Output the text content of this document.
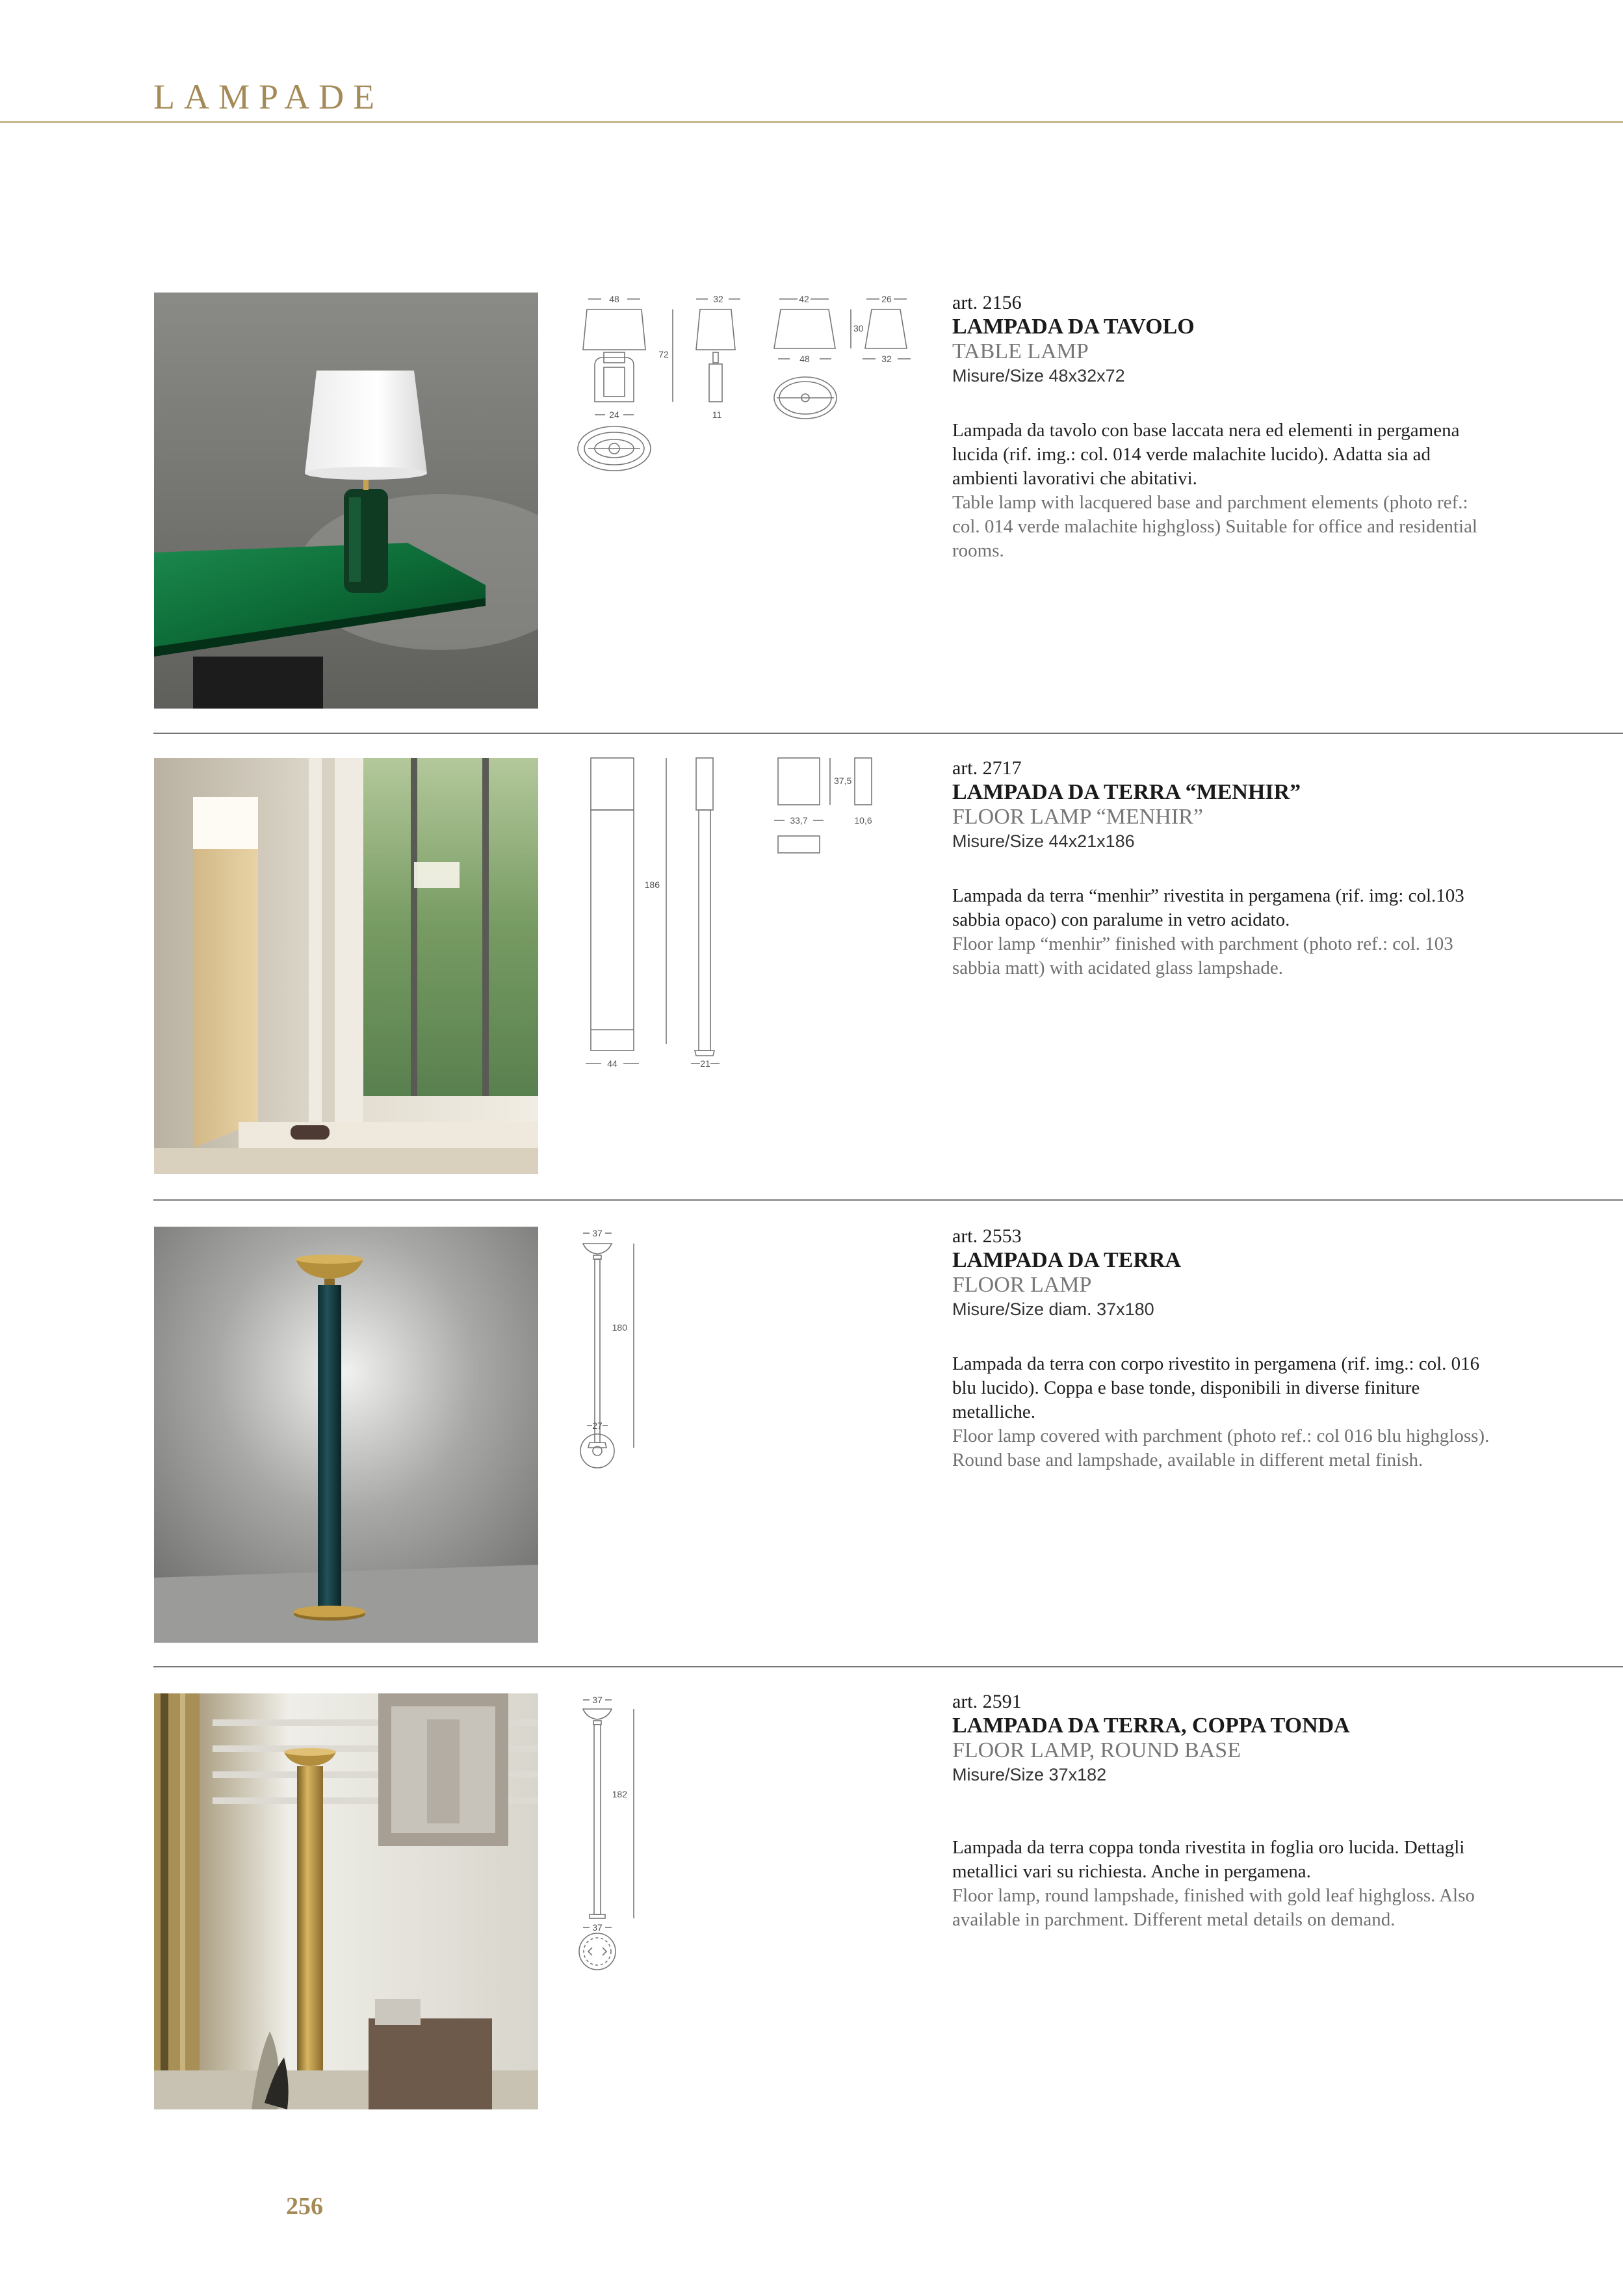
LAMPADE
48	32	42	26
30
72	48	32
24	11
art. 2156
LAMPADA DA TAVOLO
TABLE LAMP
Misure/Size 48x32x72
Lampada da tavolo con base laccata nera ed elementi in pergamena lucida (rif. img.: col. 014 verde malachite lucido). Adatta sia ad ambienti lavorativi che abitativi.
Table lamp with lacquered base and parchment elements (photo ref.: col. 014 verde malachite highgloss) Suitable for office and residential rooms.
37,5
33,7	10,6
186
44	21
art. 2717
LAMPADA DA TERRA “MENHIR”
FLOOR LAMP “MENHIR”
Misure/Size 44x21x186
Lampada da terra “menhir” rivestita in pergamena (rif. img: col.103 sabbia opaco) con paralume in vetro acidato.
Floor lamp “menhir” finished with parchment (photo ref.: col. 103 sabbia matt) with acidated glass lampshade.
37
180
27
art. 2553
LAMPADA DA TERRA
FLOOR LAMP
Misure/Size diam. 37x180
Lampada da terra con corpo rivestito in pergamena (rif. img.: col. 016 blu lucido). Coppa e base tonde, disponibili in diverse finiture metalliche.
Floor lamp covered with parchment (photo ref.: col 016 blu highgloss). Round base and lampshade, available in different metal finish.
37
182
37
art. 2591
LAMPADA DA TERRA, COPPA TONDA
FLOOR LAMP, ROUND BASE
Misure/Size 37x182
Lampada da terra coppa tonda rivestita in foglia oro lucida. Dettagli metallici vari su richiesta. Anche in pergamena.
Floor lamp, round lampshade, finished with gold leaf highgloss. Also available in parchment. Different metal details on demand.
256
